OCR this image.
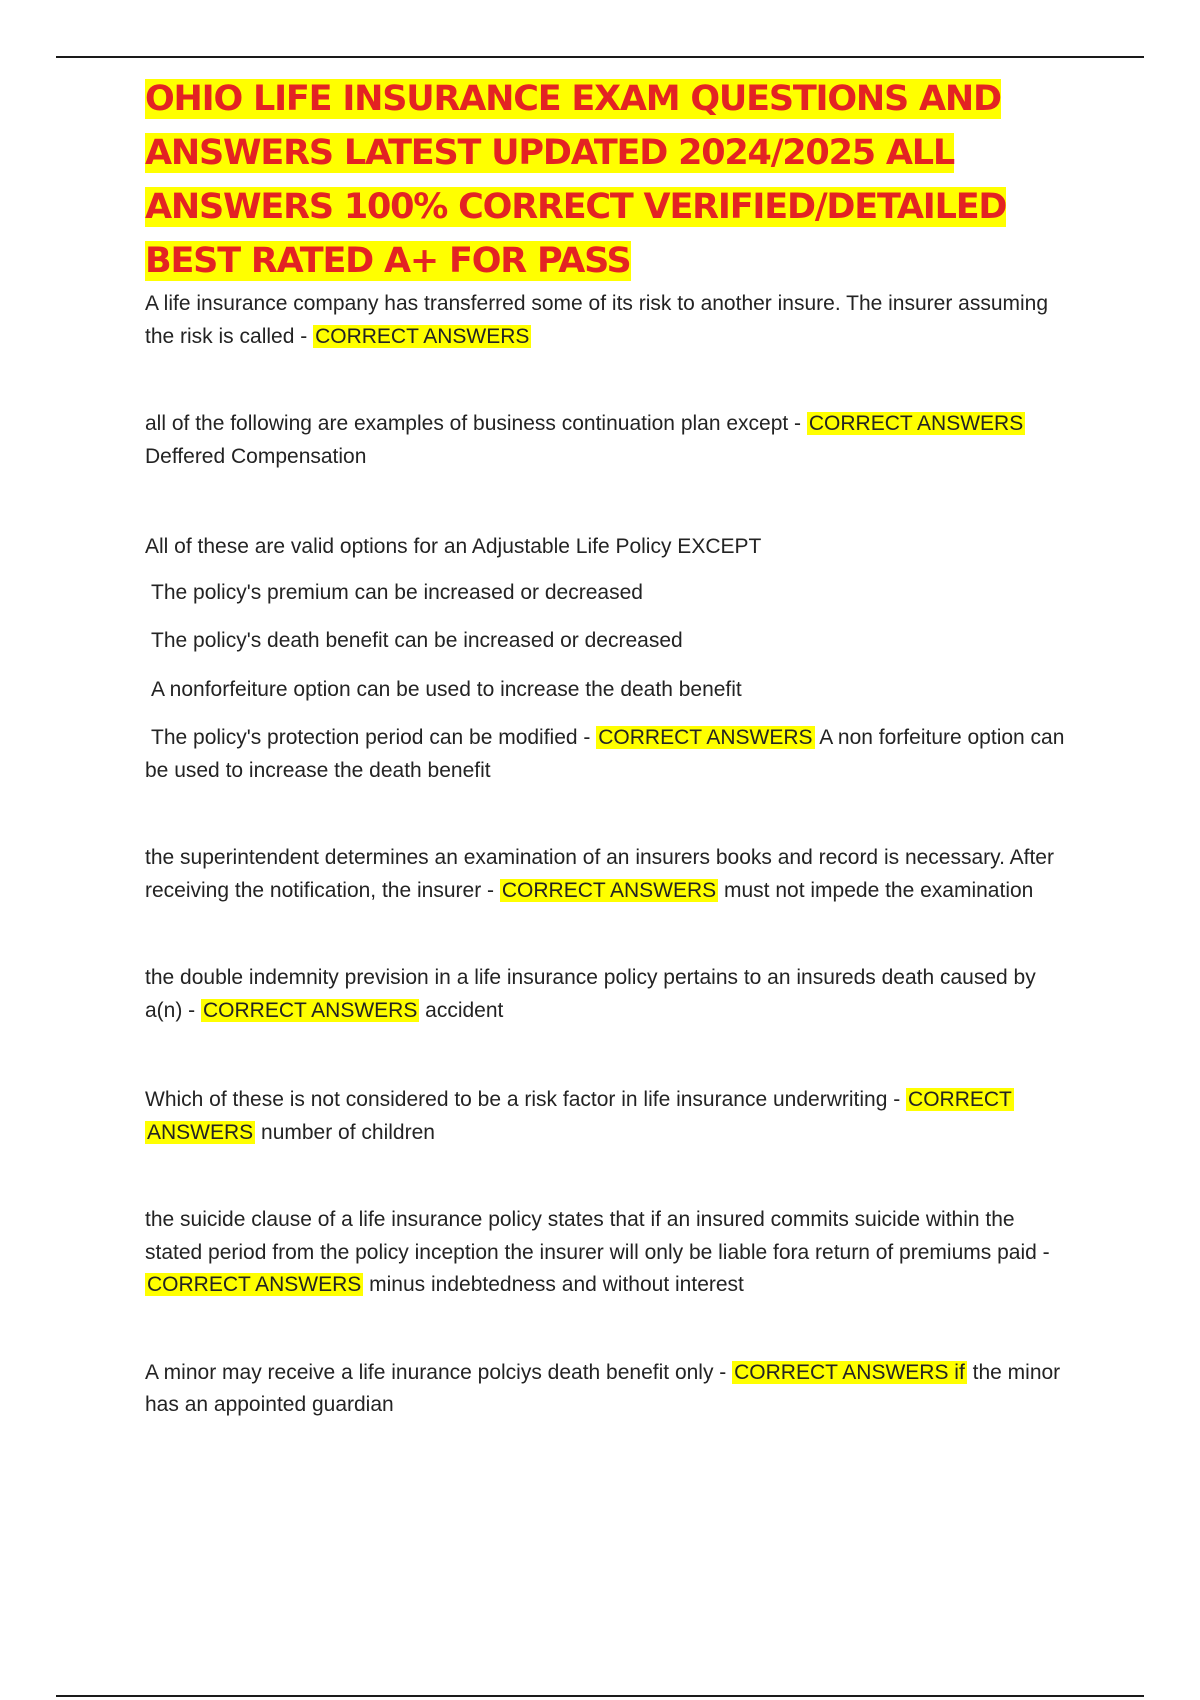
OHIO LIFE INSURANCE EXAM QUESTIONS AND ANSWERS LATEST UPDATED 2024/2025 ALL ANSWERS 100% CORRECT VERIFIED/DETAILED BEST RATED A+ FOR PASS

A life insurance company has transferred some of its risk to another insure. The insurer assuming the risk is called - CORRECT ANSWERS

all of the following are examples of business continuation plan except - CORRECT ANSWERS
Deffered Compensation

All of these are valid options for an Adjustable Life Policy EXCEPT

The policy's premium can be increased or decreased

The policy's death benefit can be increased or decreased

A nonforfeiture option can be used to increase the death benefit

The policy's protection period can be modified - CORRECT ANSWERS A non forfeiture option can be used to increase the death benefit

the superintendent determines an examination of an insurers books and record is necessary. After receiving the notification, the insurer - CORRECT ANSWERS must not impede the examination

the double indemnity prevision in a life insurance policy pertains to an insureds death caused by a(n) - CORRECT ANSWERS accident

Which of these is not considered to be a risk factor in life insurance underwriting - CORRECT ANSWERS number of children

the suicide clause of a life insurance policy states that if an insured commits suicide within the stated period from the policy inception the insurer will only be liable fora return of premiums paid - CORRECT ANSWERS minus indebtedness and without interest

A minor may receive a life inurance polciys death benefit only - CORRECT ANSWERS if the minor has an appointed guardian
